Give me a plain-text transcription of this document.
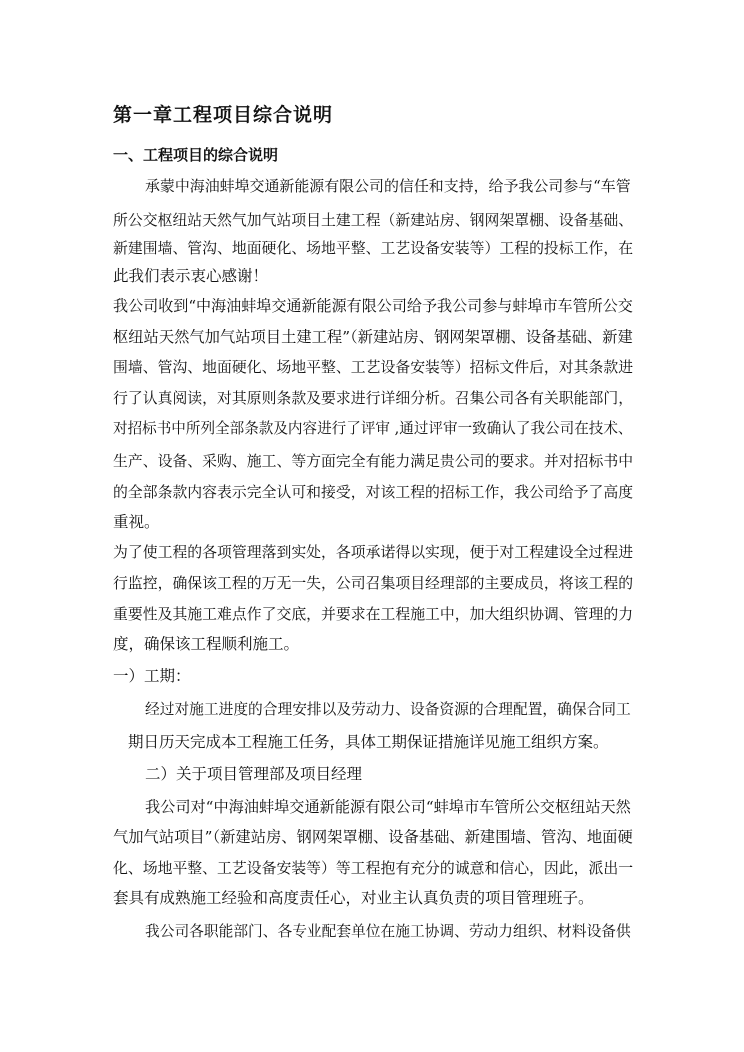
第一章工程项目综合说明
一、工程项目的综合说明
承蒙中海油蚌埠交通新能源有限公司的信任和支持，给予我公司参与“车管
所公交枢纽站天然气加气站项目土建工程（新建站房、钢网架罩棚、设备基础、
新建围墙、管沟、地面硬化、场地平整、工艺设备安装等）工程的投标工作，在
此我们表示衷心感谢！
我公司收到“中海油蚌埠交通新能源有限公司给予我公司参与蚌埠市车管所公交
枢纽站天然气加气站项目土建工程”（新建站房、钢网架罩棚、设备基础、新建
围墙、管沟、地面硬化、场地平整、工艺设备安装等）招标文件后，对其条款进
行了认真阅读，对其原则条款及要求进行详细分析。召集公司各有关职能部门，
对招标书中所列全部条款及内容进行了评审 ,通过评审一致确认了我公司在技术、
生产、设备、采购、施工、等方面完全有能力满足贵公司的要求。并对招标书中
的全部条款内容表示完全认可和接受，对该工程的招标工作，我公司给予了高度
重视。
为了使工程的各项管理落到实处，各项承诺得以实现，便于对工程建设全过程进
行监控，确保该工程的万无一失，公司召集项目经理部的主要成员，将该工程的
重要性及其施工难点作了交底，并要求在工程施工中，加大组织协调、管理的力
度，确保该工程顺利施工。
一）工期：
经过对施工进度的合理安排以及劳动力、设备资源的合理配置，确保合同工
期日历天完成本工程施工任务，具体工期保证措施详见施工组织方案。
二）关于项目管理部及项目经理
我公司对“中海油蚌埠交通新能源有限公司“蚌埠市车管所公交枢纽站天然
气加气站项目”（新建站房、钢网架罩棚、设备基础、新建围墙、管沟、地面硬
化、场地平整、工艺设备安装等）等工程抱有充分的诚意和信心，因此，派出一
套具有成熟施工经验和高度责任心，对业主认真负责的项目管理班子。
我公司各职能部门、各专业配套单位在施工协调、劳动力组织、材料设备供
